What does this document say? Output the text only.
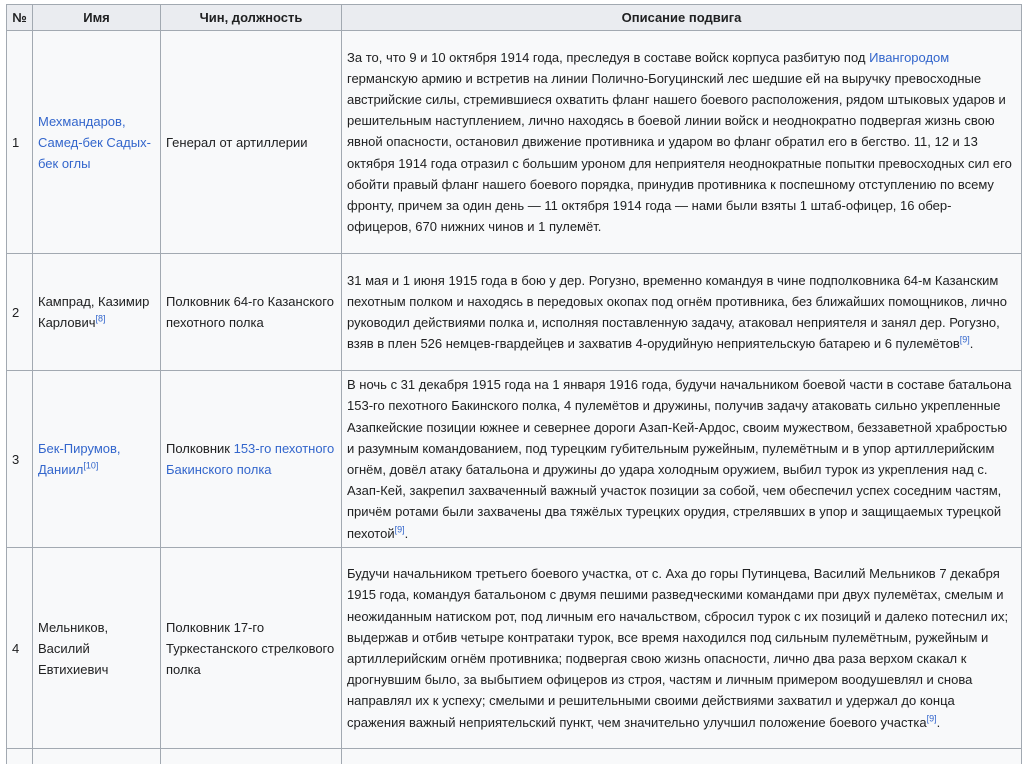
№	Имя	Чин, должность	Описание подвига
1	Мехмандаров, Самед-бек Садых-бек оглы	Генерал от артиллерии	За то, что 9 и 10 октября 1914 года, преследуя в составе войск корпуса разбитую под Ивангородом германскую армию и встретив на линии Полично-Богуцинский лес шедшие ей на выручку превосходные австрийские силы, стремившиеся охватить фланг нашего боевого расположения, рядом штыковых ударов и решительным наступлением, лично находясь в боевой линии войск и неоднократно подвергая жизнь свою явной опасности, остановил движение противника и ударом во фланг обратил его в бегство. 11, 12 и 13 октября 1914 года отразил с большим уроном для неприятеля неоднократные попытки превосходных сил его обойти правый фланг нашего боевого порядка, принудив противника к поспешному отступлению по всему фронту, причем за один день — 11 октября 1914 года — нами были взяты 1 штаб-офицер, 16 обер-офицеров, 670 нижних чинов и 1 пулемёт.
2	Кампрад, Казимир Карлович[8]	Полковник 64-го Казанского пехотного полка	31 мая и 1 июня 1915 года в бою у дер. Рогузно, временно командуя в чине подполковника 64-м Казанским пехотным полком и находясь в передовых окопах под огнём противника, без ближайших помощников, лично руководил действиями полка и, исполняя поставленную задачу, атаковал неприятеля и занял дер. Рогузно, взяв в плен 526 немцев-гвардейцев и захватив 4-орудийную неприятельскую батарею и 6 пулемётов[9].
3	Бек-Пирумов, Даниил[10]	Полковник 153-го пехотного Бакинского полка	В ночь с 31 декабря 1915 года на 1 января 1916 года, будучи начальником боевой части в составе батальона 153-го пехотного Бакинского полка, 4 пулемётов и дружины, получив задачу атаковать сильно укрепленные Азапкейские позиции южнее и севернее дороги Азап-Кей-Ардос, своим мужеством, беззаветной храбростью и разумным командованием, под турецким губительным ружейным, пулемётным и в упор артиллерийским огнём, довёл атаку батальона и дружины до удара холодным оружием, выбил турок из укрепления над с. Азап-Кей, закрепил захваченный важный участок позиции за собой, чем обеспечил успех соседним частям, причём ротами были захвачены два тяжёлых турецких орудия, стрелявших в упор и защищаемых турецкой пехотой[9].
4	Мельников, Василий Евтихиевич	Полковник 17-го Туркестанского стрелкового полка	Будучи начальником третьего боевого участка, от с. Аха до горы Путинцева, Василий Мельников 7 декабря 1915 года, командуя батальоном с двумя пешими разведческими командами при двух пулемётах, смелым и неожиданным натиском рот, под личным его начальством, сбросил турок с их позиций и далеко потеснил их; выдержав и отбив четыре контратаки турок, все время находился под сильным пулемётным, ружейным и артиллерийским огнём противника; подвергая свою жизнь опасности, лично два раза верхом скакал к дрогнувшим было, за выбытием офицеров из строя, частям и личным примером воодушевлял и снова направлял их к успеху; смелыми и решительными своими действиями захватил и удержал до конца сражения важный неприятельский пункт, чем значительно улучшил положение боевого участка[9].
